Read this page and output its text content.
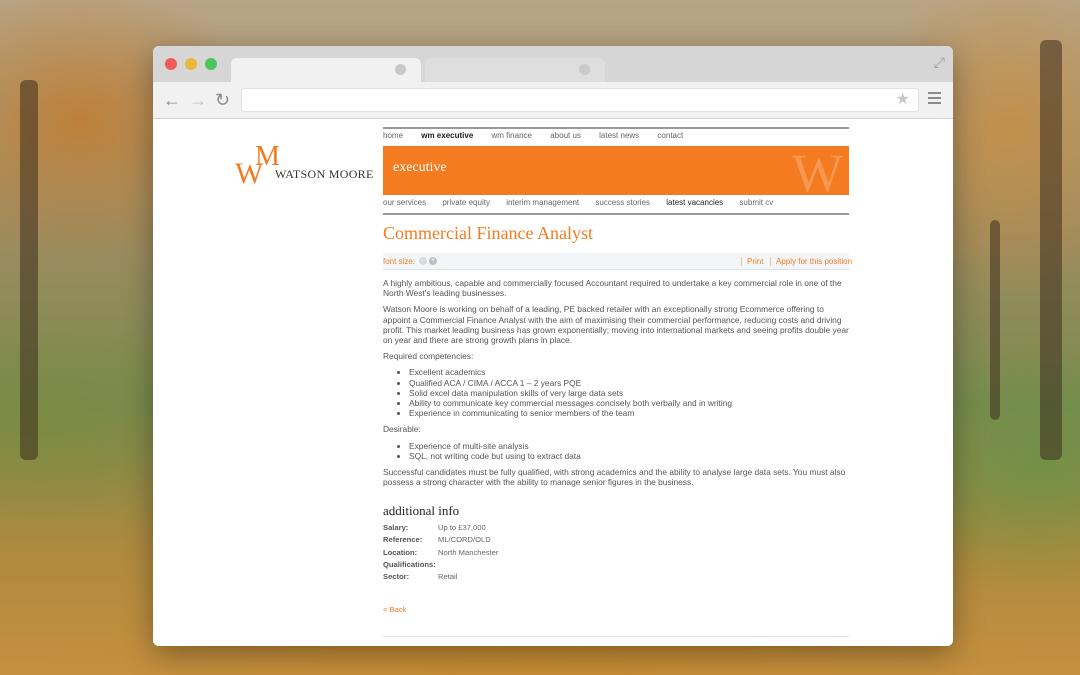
⤢
← → ↻	★
W
M
WATSON MOORE
home wm executive wm finance about us latest news contact
executive	W
our services private equity interim management success stories latest vacancies submit cv
Commercial Finance Analyst
font size: – +	Print	Apply for this position

A highly ambitious, capable and commercially focused Accountant required to undertake a key commercial role in one of the North West's leading businesses.

Watson Moore is working on behalf of a leading, PE backed retailer with an exceptionally strong Ecommerce offering to appoint a Commercial Finance Analyst with the aim of maximising their commercial performance, reducing costs and driving profit. This market leading business has grown exponentially; moving into international markets and seeing profits double year on year and there are strong growth plans in place.

Required competencies:

• Excellent academics
• Qualified ACA / CIMA / ACCA 1 – 2 years PQE
• Solid excel data manipulation skills of very large data sets
• Ability to communicate key commercial messages concisely both verbally and in writing
• Experience in communicating to senior members of the team

Desirable:

• Experience of multi-site analysis
• SQL, not writing code but using to extract data

Successful candidates must be fully qualified, with strong academics and the ability to analyse large data sets. You must also possess a strong character with the ability to manage senior figures in the business.

additional info
Salary:	Up to £37,000
Reference: ML/CORD/OLD
Location:	North Manchester
Qualifications:
Sector:	Retail
< Back
